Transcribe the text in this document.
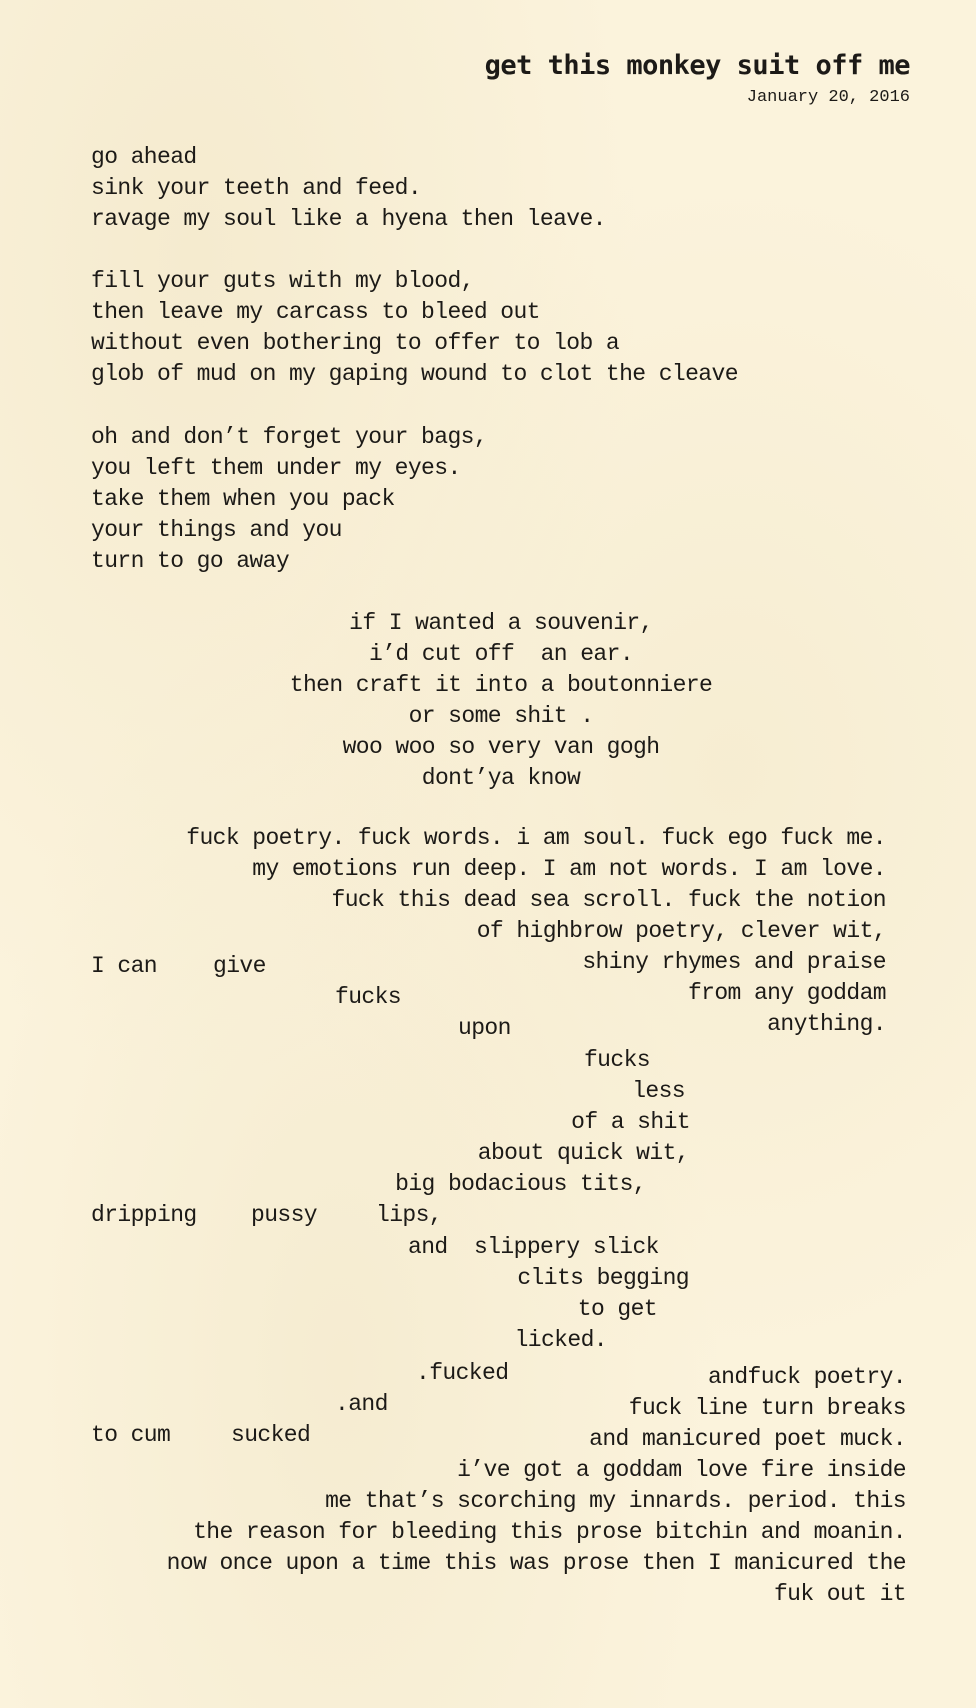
get this monkey suit off me
January 20, 2016
go ahead
sink your teeth and feed.
ravage my soul like a hyena then leave.
fill your guts with my blood,
then leave my carcass to bleed out
without even bothering to offer to lob a
glob of mud on my gaping wound to clot the cleave
oh and don’t forget your bags,
you left them under my eyes.
take them when you pack
your things and you
turn to go away
if I wanted a souvenir,
i’d cut off  an ear.
then craft it into a boutonniere
or some shit .
woo woo so very van gogh
dont’ya know
fuck poetry. fuck words. i am soul. fuck ego fuck me.
my emotions run deep. I am not words. I am love.
fuck this dead sea scroll. fuck the notion
of highbrow poetry, clever wit,
shiny rhymes and praise
from any goddam
anything.
I can give
fucks
upon
fucks
less
of a shit
about quick wit,
big bodacious tits,
dripping pussy	lips,
and  slippery slick
clits begging
to get
licked.
.fucked
.and
to cum	sucked
andfuck poetry.
fuck line turn breaks
and manicured poet muck.
i’ve got a goddam love fire inside
me that’s scorching my innards. period. this
the reason for bleeding this prose bitchin and moanin.
now once upon a time this was prose then I manicured the
fuk out it
